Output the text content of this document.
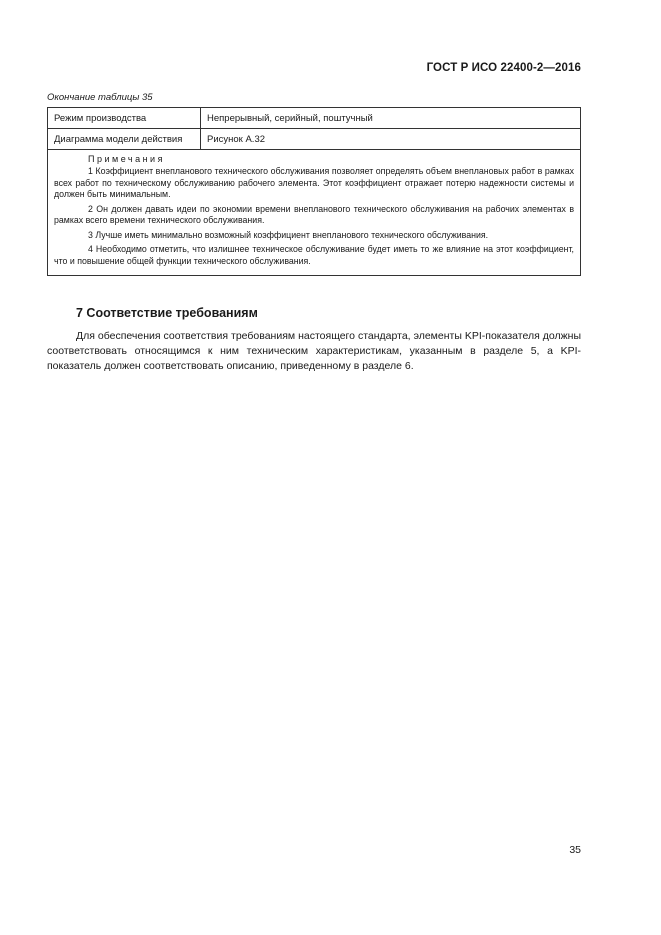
ГОСТ Р ИСО 22400-2—2016
Окончание таблицы 35
Режим производства	Непрерывный, серийный, поштучный
Диаграмма модели действия	Рисунок А.32

Примечания

1 Коэффициент внепланового технического обслуживания позволяет определять объем внеплановых работ в рамках всех работ по техническому обслуживанию рабочего элемента. Этот коэффициент отражает потерю надежности системы и должен быть минимальным.

2 Он должен давать идеи по экономии времени внепланового технического обслуживания на рабочих элементах в рамках всего времени технического обслуживания.

3 Лучше иметь минимально возможный коэффициент внепланового технического обслуживания.

4 Необходимо отметить, что излишнее техническое обслуживание будет иметь то же влияние на этот коэффициент, что и повышение общей функции технического обслуживания.	

7 Соответствие требованиям

Для обеспечения соответствия требованиям настоящего стандарта, элементы KPI-показателя должны соответствовать относящимся к ним техническим характеристикам, указанным в разделе 5, а KPI-показатель должен соответствовать описанию, приведенному в разделе 6.

35
